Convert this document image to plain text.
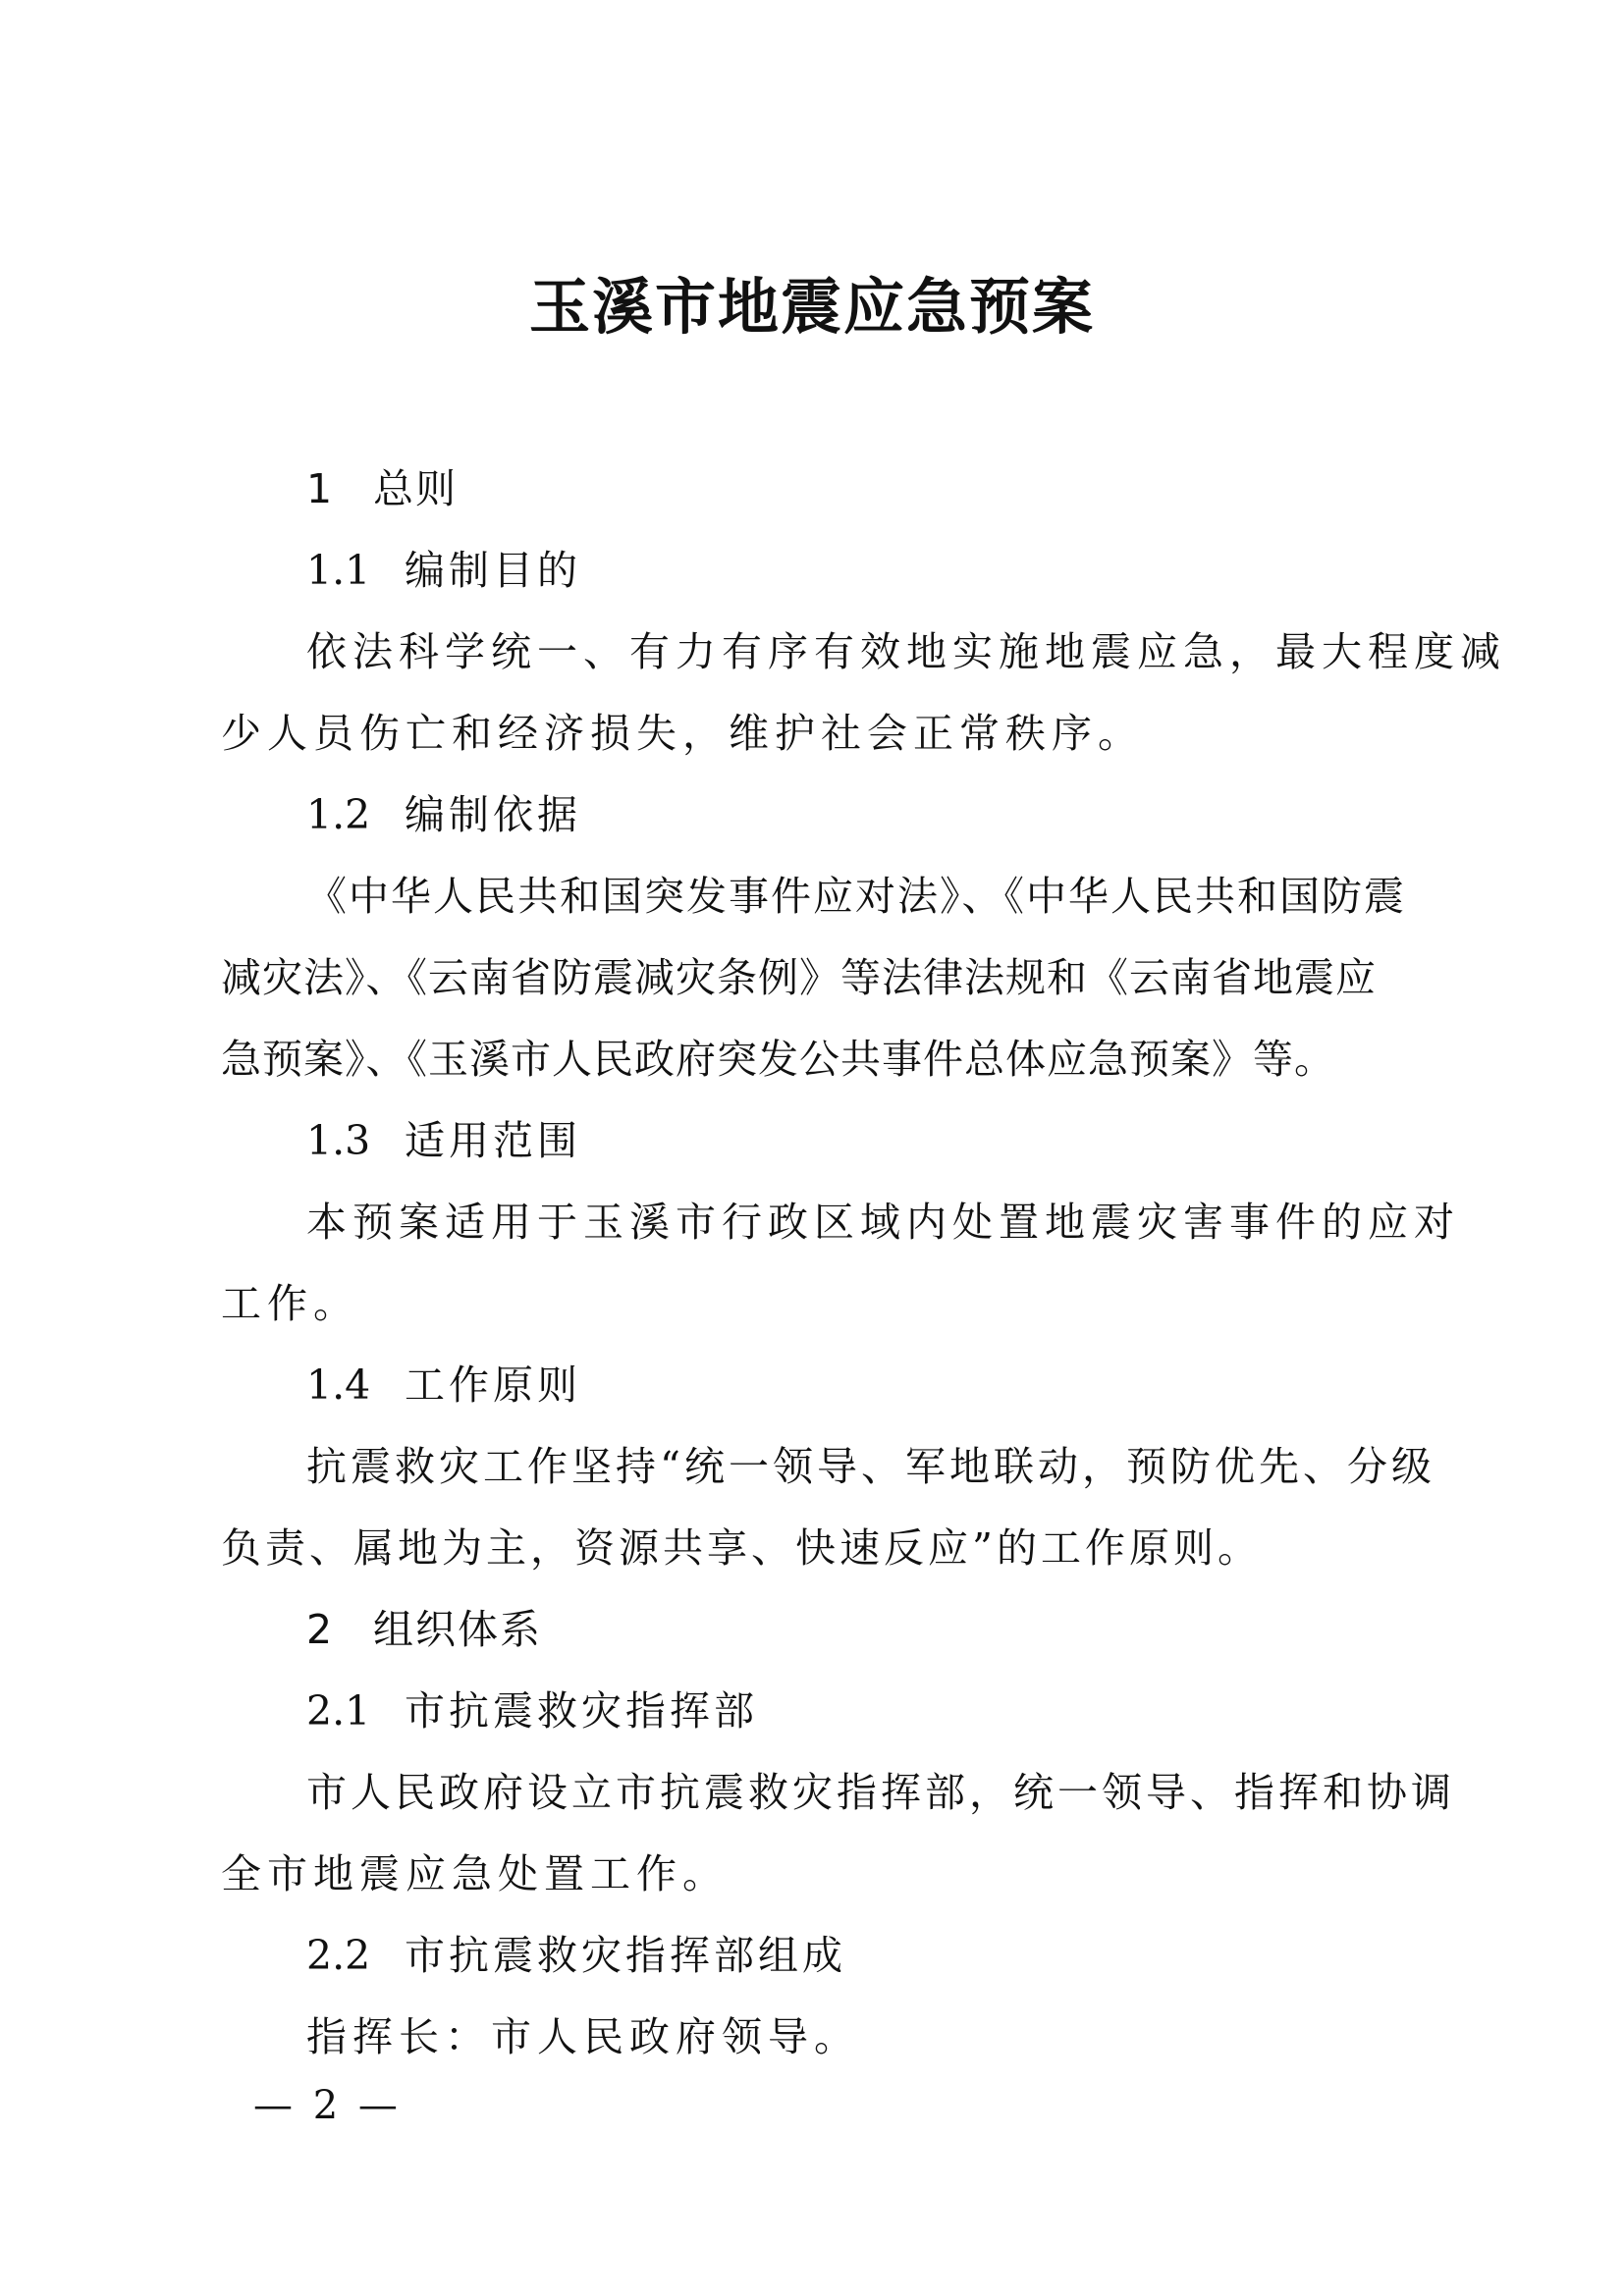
玉溪市地震应急预案
1 总则
1.1 编制目的
依法科学统一、有力有序有效地实施地震应急，最大程度减
少人员伤亡和经济损失，维护社会正常秩序。
1.2 编制依据
《中华人民共和国突发事件应对法》、《中华人民共和国防震
减灾法》、《云南省防震减灾条例》等法律法规和《云南省地震应
急预案》、《玉溪市人民政府突发公共事件总体应急预案》等。
1.3 适用范围
本预案适用于玉溪市行政区域内处置地震灾害事件的应对
工作。
1.4 工作原则
抗震救灾工作坚持“统一领导、军地联动，预防优先、分级
负责、属地为主，资源共享、快速反应”的工作原则。
2 组织体系
2.1 市抗震救灾指挥部
市人民政府设立市抗震救灾指挥部，统一领导、指挥和协调
全市地震应急处置工作。
2.2 市抗震救灾指挥部组成
指挥长：市人民政府领导。
— 2 —
